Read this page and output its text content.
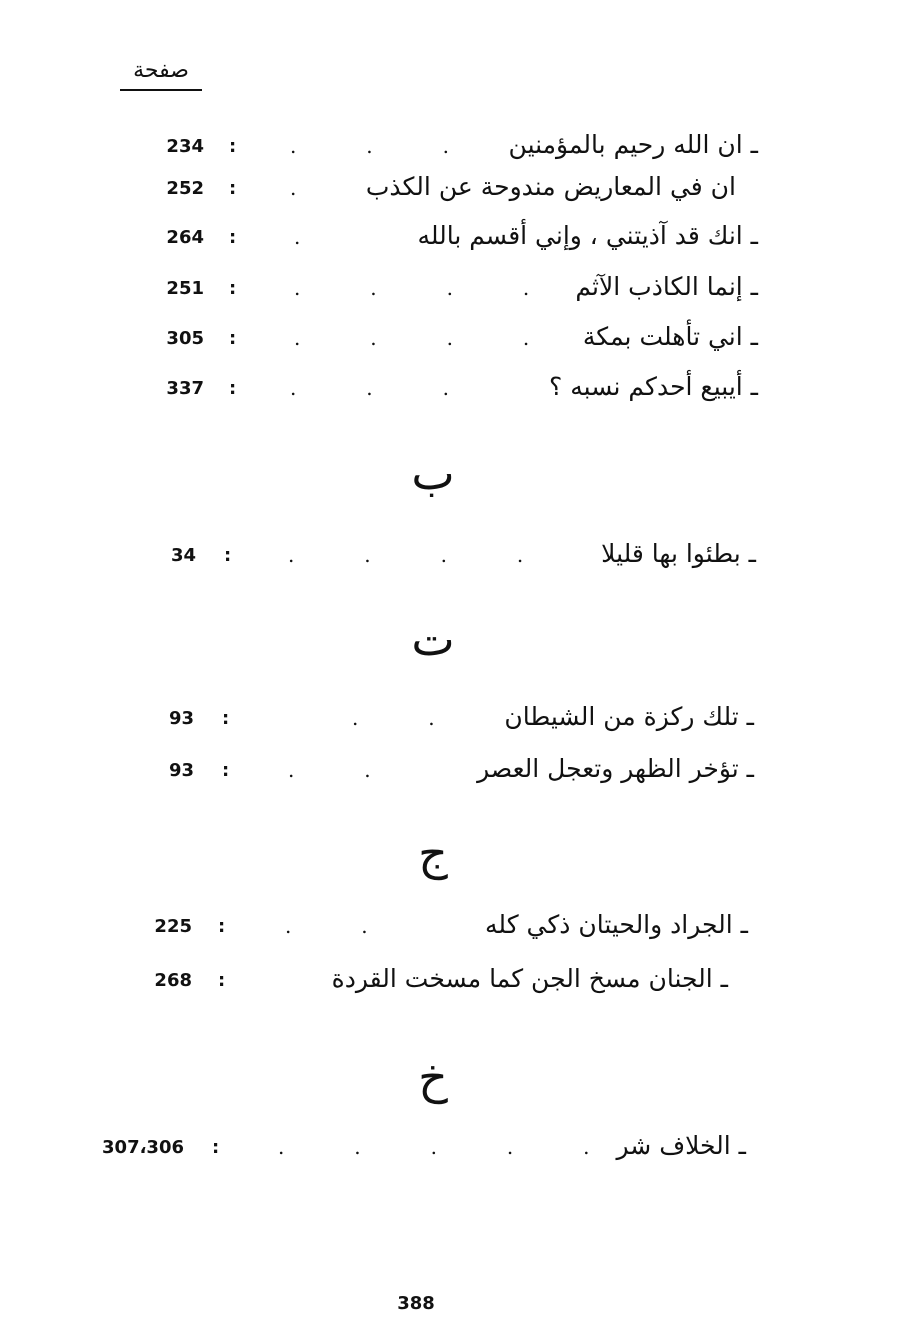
صفحة
234 :	.           .           . ـ ان الله رحيم بالمؤمنين
252 :	.	ان في المعاريض مندوحة عن الكذب
264 :	.	ـ انك قد آذيتني ، وإني أقسم بالله
251 :	.           .           .           . ـ إنما الكاذب الآثم
305 :	.           .           .           . ـ اني تأهلت بمكة
337 :	.           .           .	ـ أيبيع أحدكم نسبه ؟
ب
34 :	.           .           .           .	ـ بطئوا بها قليلا
ت
93 :	.           .	ـ تلك ركزة من الشيطان
93 :	.           .	ـ تؤخر الظهر وتعجل العصر
ج
225 :	.           .	ـ الجراد والحيتان ذكي كله
268 :	ـ الجنان مسخ الجن كما مسخت القردة
خ
307،306 :	.           .           .           .           . ـ الخلاف شر
388
